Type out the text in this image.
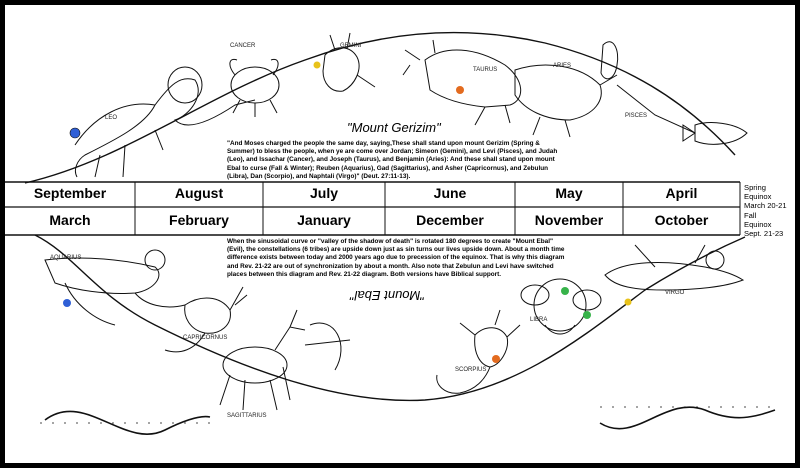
LEO
CANCER	GEMINI
TAURUS
ARIES
PISCES
AQUARIUS
CAPRICORNUS
SAGITTARIUS
SCORPIUS
LIBRA
VIRGO
"Mount Gerizim"
"Mount Ebal"
"And Moses charged the people the same day, saying,These shall stand upon mount Gerizim (Spring & Summer) to bless the people, when ye are come over Jordan; Simeon (Gemini), and Levi (Pisces), and Judah (Leo), and Issachar (Cancer), and Joseph (Taurus), and Benjamin (Aries): And these shall stand upon mount Ebal to curse (Fall & Winter); Reuben (Aquarius), Gad (Sagittarius), and Asher (Capricornus), and Zebulun (Libra), Dan (Scorpio), and Naphtali (Virgo)" (Deut. 27:11-13).
When the sinusoidal curve or "valley of the shadow of death" is rotated 180 degrees to create "Mount Ebal" (Evil), the constellations (6 tribes) are upside down just as sin turns our lives upside down. About a month time difference exists between today and 2000 years ago due to precession of the equinox. That is why this diagram and Rev. 21-22 are out of synchronization by about a month. Also note that Zebulun and Levi have switched places between this diagram and Rev. 21-22 diagram. Both versions have Biblical support.
September	August	July	June	May	April
March	February	January	December	November	October
Spring
Equinox
March 20-21
Fall
Equinox
Sept. 21-23
